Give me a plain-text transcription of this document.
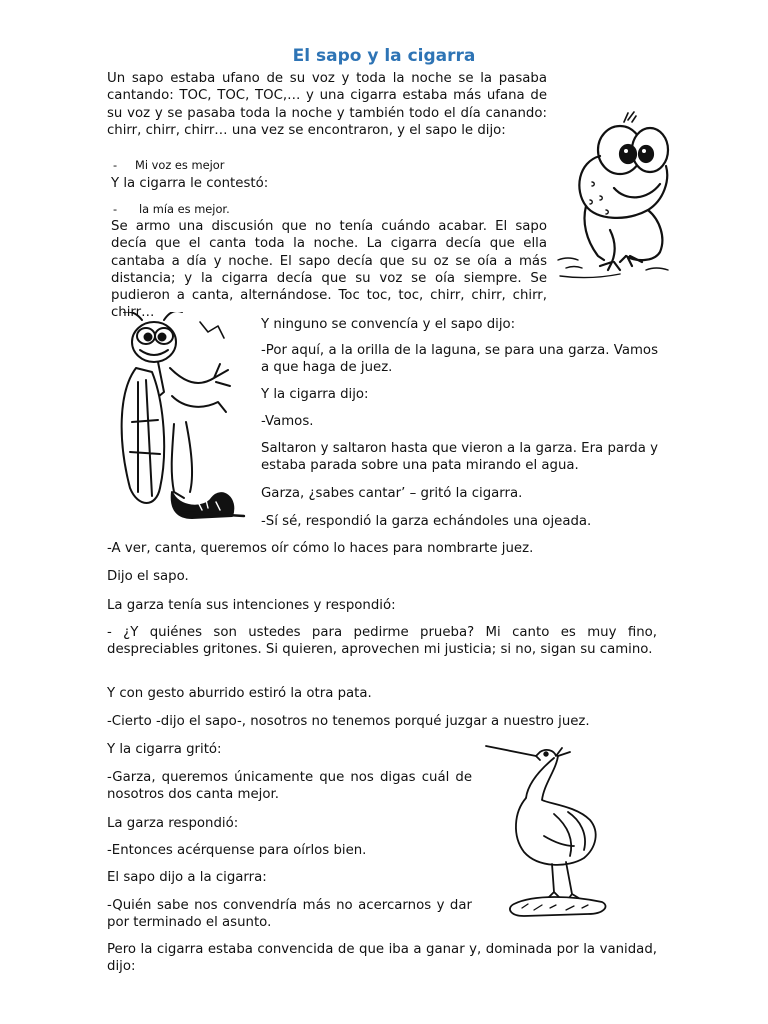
El sapo y la cigarra

Un sapo estaba ufano de su voz y toda la noche se la pasaba cantando: TOC, TOC, TOC,… y una cigarra estaba más ufana de su voz y se pasaba toda la noche y también todo el día canando: chirr, chirr, chirr… una vez se encontraron, y el sapo le dijo:

- Mi voz es mejor

Y la cigarra le contestó:

- la mía es mejor.

Se armo una discusión que no tenía cuándo acabar. El sapo decía que el canta toda la noche. La cigarra decía que ella cantaba a día y noche. El sapo decía que su oz se oía a más distancia; y la cigarra decía que su voz se oía siempre. Se pudieron a canta, alternándose. Toc toc, toc, chirr, chirr, chirr, chirr…

Y ninguno se convencía y el sapo dijo:

-Por aquí, a la orilla de la laguna, se para una garza. Vamos a que haga de juez.

Y la cigarra dijo:

-Vamos.

Saltaron y saltaron hasta que vieron a la garza. Era parda y estaba parada sobre una pata mirando el agua.

Garza, ¿sabes cantar’ – gritó la cigarra.

-Sí sé, respondió la garza echándoles una ojeada.

-A ver, canta, queremos oír cómo lo haces para nombrarte juez.

Dijo el sapo.

La garza tenía sus intenciones y respondió:

- ¿Y quiénes son ustedes para pedirme prueba? Mi canto es muy fino, despreciables gritones. Si quieren, aprovechen mi justicia; si no, sigan su camino.

Y con gesto aburrido estiró la otra pata.

-Cierto -dijo el sapo-, nosotros no tenemos porqué juzgar a nuestro juez.

Y la cigarra gritó:

-Garza, queremos únicamente que nos digas cuál de nosotros dos canta mejor.

La garza respondió:

-Entonces acérquense para oírlos bien.

El sapo dijo a la cigarra:

-Quién sabe nos convendría más no acercarnos y dar por terminado el asunto.

Pero la cigarra estaba convencida de que iba a ganar y, dominada por la vanidad, dijo:
